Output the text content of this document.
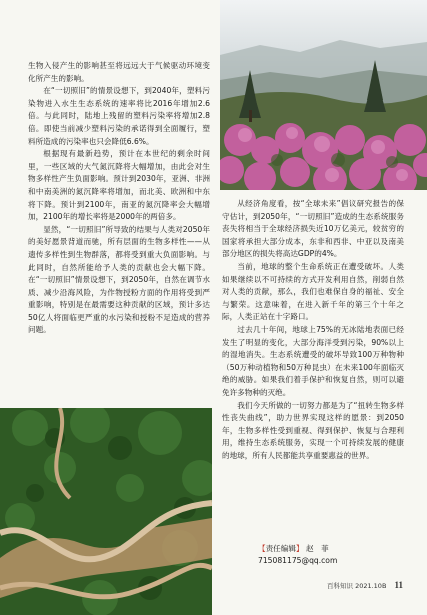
生物入侵产生的影响甚至将远远大于气候驱动环境变化所产生的影响。

在“一切照旧”的情景设想下，到2040年，塑料污染物进入水生生态系统的速率将比2016年增加2.6倍。与此同时，陆地上残留的塑料污染率将增加2.8倍。即使当前减少塑料污染的承诺得到全面履行，塑料所造成的污染率也只会降低6.6%。

根据现有最新趋势，预计在本世纪的剩余时间里，一些区域的大气氮沉降将大幅增加，由此会对生物多样性产生负面影响。预计到2030年，亚洲、非洲和中南美洲的氮沉降率将增加，而北美、欧洲和中东将下降。预计到2100年，南亚的氮沉降率会大幅增加，2100年的增长率将是2000年的两倍多。

显然，“一切照旧”所导致的结果与人类对2050年的美好愿景背道而驰，所有层面的生物多样性——从遗传多样性到生物群落，都将受到重大负面影响。与此同时，自然所能给予人类的贡献也会大幅下降。在“一切照旧”情景设想下，到2050年，自然在调节水质、减少沿海风险，为作物授粉方面的作用将受到严重影响，特别是在最需要这种贡献的区域，预计多达50亿人将面临更严重的水污染和授粉不足造成的营养问题。

从经济角度看，按“全球未来”倡议研究报告的保守估计，到2050年，“一切照旧”造成的生态系统服务丧失将相当于全球经济损失近10万亿美元，较贫穷的国家将承担大部分成本，东非和西非、中亚以及南美部分地区的损失将高达GDP的4%。

当前，地球的整个生命系统正在遭受破坏。人类如果继续以不可持续的方式开发利用自然，削弱自然对人类的贡献，那么，我们也难保自身的福祉、安全与繁荣。这意味着，在进入新千年的第三个十年之际，人类正站在十字路口。

过去几十年间，地球上75%的无冰陆地表面已经发生了明显的变化，大部分海洋受到污染，90%以上的湿地消失。生态系统遭受的破坏导致100万种物种（50万种动植物和50万种昆虫）在未来100年面临灭绝的威胁。如果我们着手保护和恢复自然，则可以避免许多物种的灭绝。

我们今天所做的一切努力都是为了“扭转生物多样性丧失曲线”，助力世界实现这样的愿景：到2050年，生物多样性受到重视、得到保护、恢复与合理利用，维持生态系统服务，实现一个可持续发展的健康的地球，所有人民都能共享重要惠益的世界。

【责任编辑】 赵　菲
715081175@qq.com
百科知识 2021.10B 11
